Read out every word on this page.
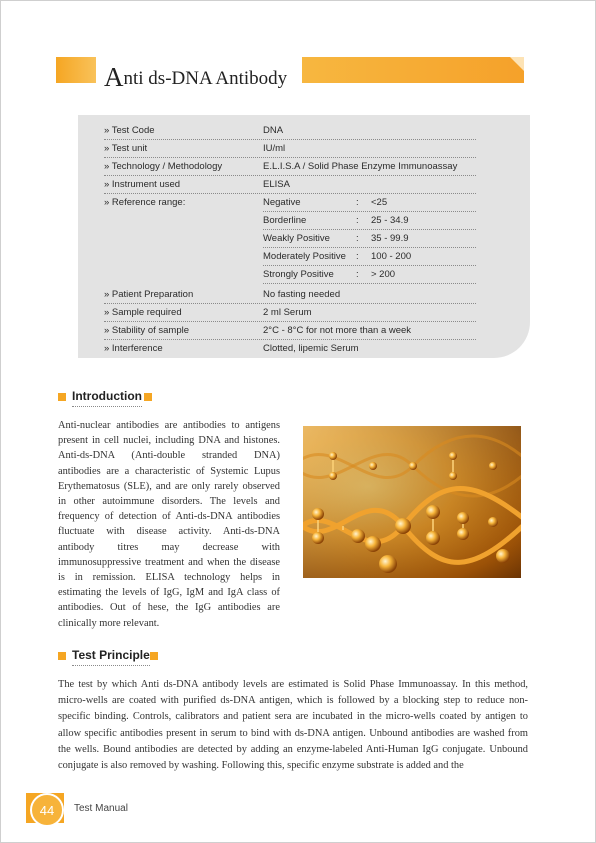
Anti ds-DNA Antibody
» Test Code	DNA
» Test unit	IU/ml
» Technology / Methodology	E.L.I.S.A / Solid Phase Enzyme Immunoassay
» Instrument used	ELISA
» Reference range:	Negative	: <25
Borderline	: 25 - 34.9
Weakly Positive	: 35 - 99.9
Moderately Positive : 100 - 200
Strongly Positive : > 200
» Patient Preparation	No fasting needed
» Sample required	2 ml Serum
» Stability of sample	2°C - 8°C for not more than a week
» Interference	Clotted, lipemic Serum
Introduction
Anti-nuclear antibodies are antibodies to antigens present in cell nuclei, including DNA and histones. Anti-ds-DNA (Anti-double stranded DNA) antibodies are a characteristic of Systemic Lupus Erythematosus (SLE), and are only rarely observed in other autoimmune disorders. The levels and frequency of detection of Anti-ds-DNA antibodies fluctuate with disease activity. Anti-ds-DNA antibody titres may decrease with immunosuppressive treatment and when the disease is in remission. ELISA technology helps in estimating the levels of IgG, IgM and IgA class of antibodies. Out of hese, the IgG antibodies are clinically more relevant.
Test Principle
The test by which Anti ds-DNA antibody levels are estimated is Solid Phase Immunoassay. In this method, micro-wells are coated with purified ds-DNA antigen, which is followed by a blocking step to reduce non-specific binding. Controls, calibrators and patient sera are incubated in the micro-wells coated by antigen to allow specific antibodies present in serum to bind with ds-DNA antigen. Unbound antibodies are washed from the wells. Bound antibodies are detected by adding an enzyme-labeled Anti-Human IgG conjugate. Unbound conjugate is also removed by washing. Following this, specific enzyme substrate is added and the
44	Test Manual
